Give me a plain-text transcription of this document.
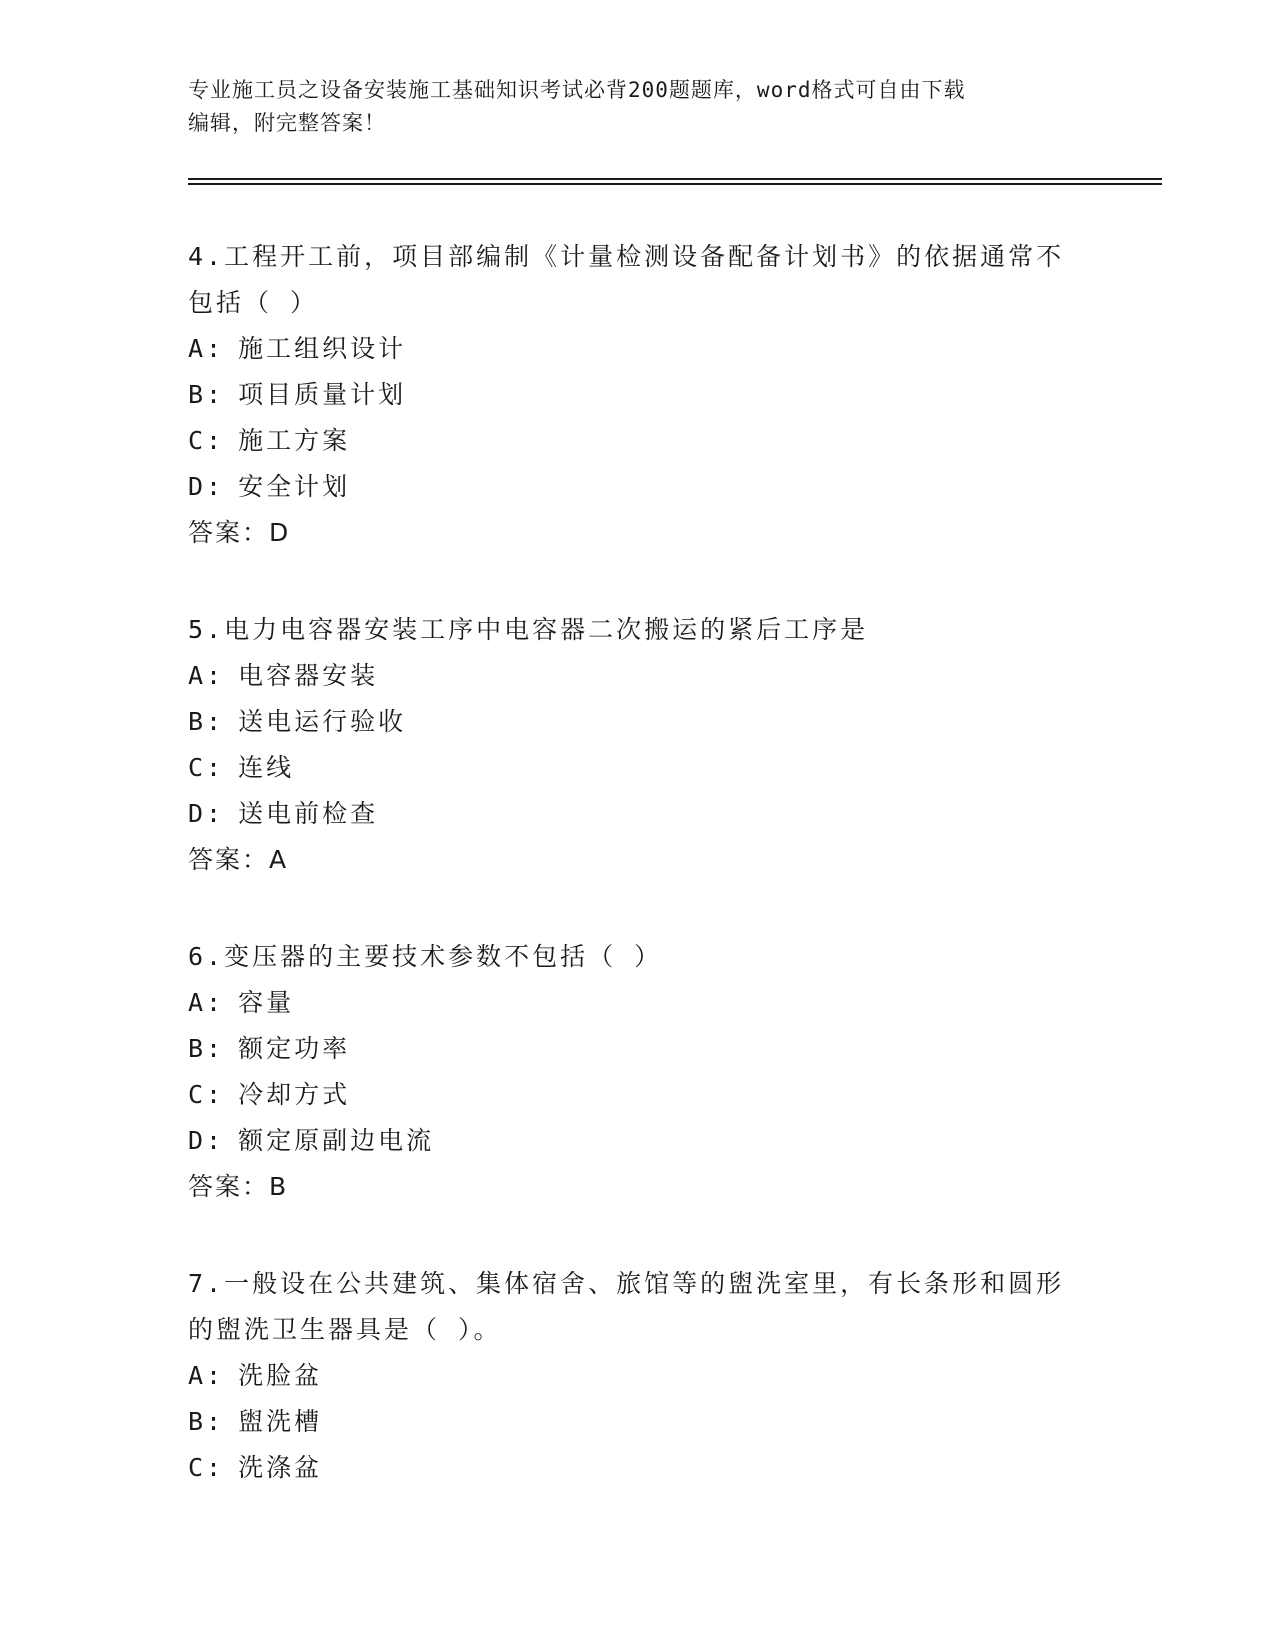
专业施工员之设备安装施工基础知识考试必背200题题库，word格式可自由下载
编辑，附完整答案！
4.工程开工前，项目部编制《计量检测设备配备计划书》的依据通常不包括（ ）
A: 施工组织设计
B: 项目质量计划
C: 施工方案
D: 安全计划
答案：D
5.电力电容器安装工序中电容器二次搬运的紧后工序是
A: 电容器安装
B: 送电运行验收
C: 连线
D: 送电前检查
答案：A
6.变压器的主要技术参数不包括（ ）
A: 容量
B: 额定功率
C: 冷却方式
D: 额定原副边电流
答案：B
7.一般设在公共建筑、集体宿舍、旅馆等的盥洗室里，有长条形和圆形的盥洗卫生器具是（ ）。
A: 洗脸盆
B: 盥洗槽
C: 洗涤盆
